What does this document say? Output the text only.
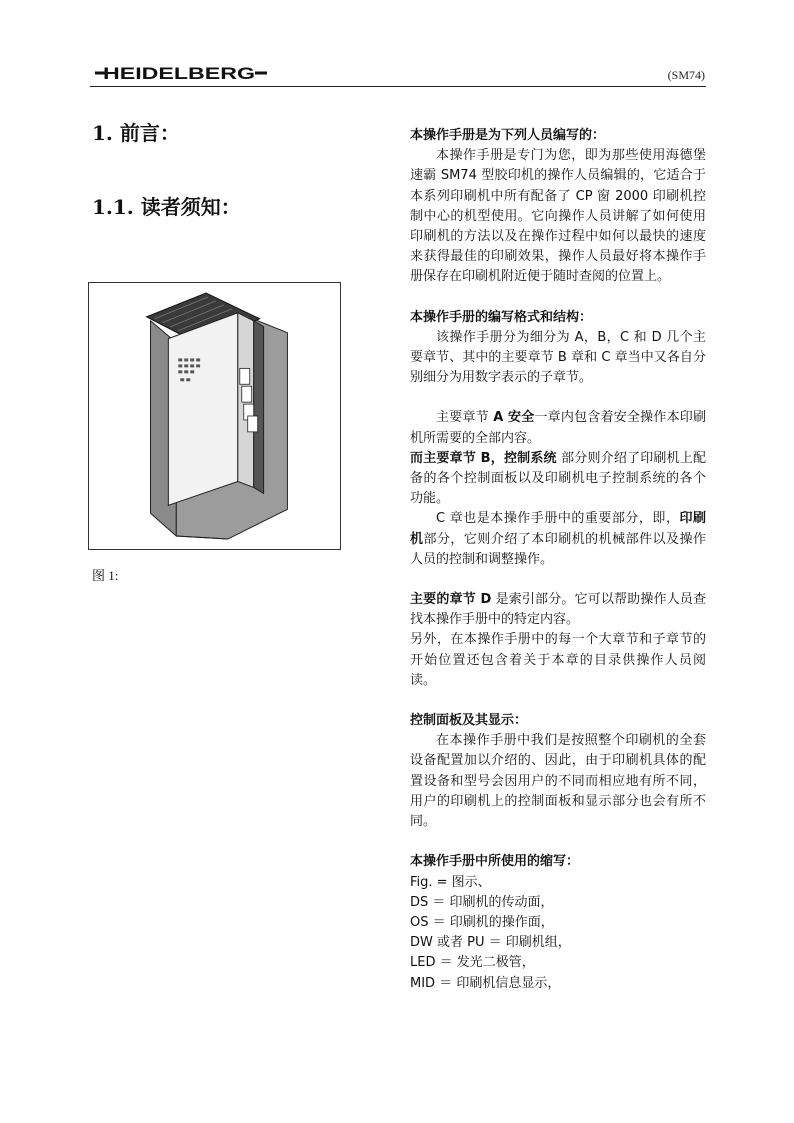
HEIDELBERG	(SM74)
1. 前言：
1.1. 读者须知：
图 1:

本操作手册是为下列人员编写的：

本操作手册是专门为您，即为那些使用海德堡速霸 SM74 型胶印机的操作人员编辑的，它适合于本系列印刷机中所有配备了 CP 窗 2000 印刷机控制中心的机型使用。它向操作人员讲解了如何使用印刷机的方法以及在操作过程中如何以最快的速度来获得最佳的印刷效果，操作人员最好将本操作手册保存在印刷机附近便于随时查阅的位置上。

本操作手册的编写格式和结构：

该操作手册分为细分为 A，B，C 和 D 几个主要章节、其中的主要章节 B 章和 C 章当中又各自分别细分为用数字表示的子章节。

主要章节 A 安全一章内包含着安全操作本印刷机所需要的全部内容。

而主要章节 B，控制系统 部分则介绍了印刷机上配备的各个控制面板以及印刷机电子控制系统的各个功能。

C 章也是本操作手册中的重要部分，即，印刷机部分，它则介绍了本印刷机的机械部件以及操作人员的控制和调整操作。

主要的章节 D 是索引部分。它可以帮助操作人员查找本操作手册中的特定内容。

另外，在本操作手册中的每一个大章节和子章节的开始位置还包含着关于本章的目录供操作人员阅读。

控制面板及其显示：

在本操作手册中我们是按照整个印刷机的全套设备配置加以介绍的、因此，由于印刷机具体的配置设备和型号会因用户的不同而相应地有所不同，用户的印刷机上的控制面板和显示部分也会有所不同。

本操作手册中所使用的缩写：

Fig. = 图示、

DS ＝ 印刷机的传动面，

OS ＝ 印刷机的操作面，

DW 或者 PU ＝ 印刷机组，

LED ＝ 发光二极管，

MID ＝ 印刷机信息显示，
